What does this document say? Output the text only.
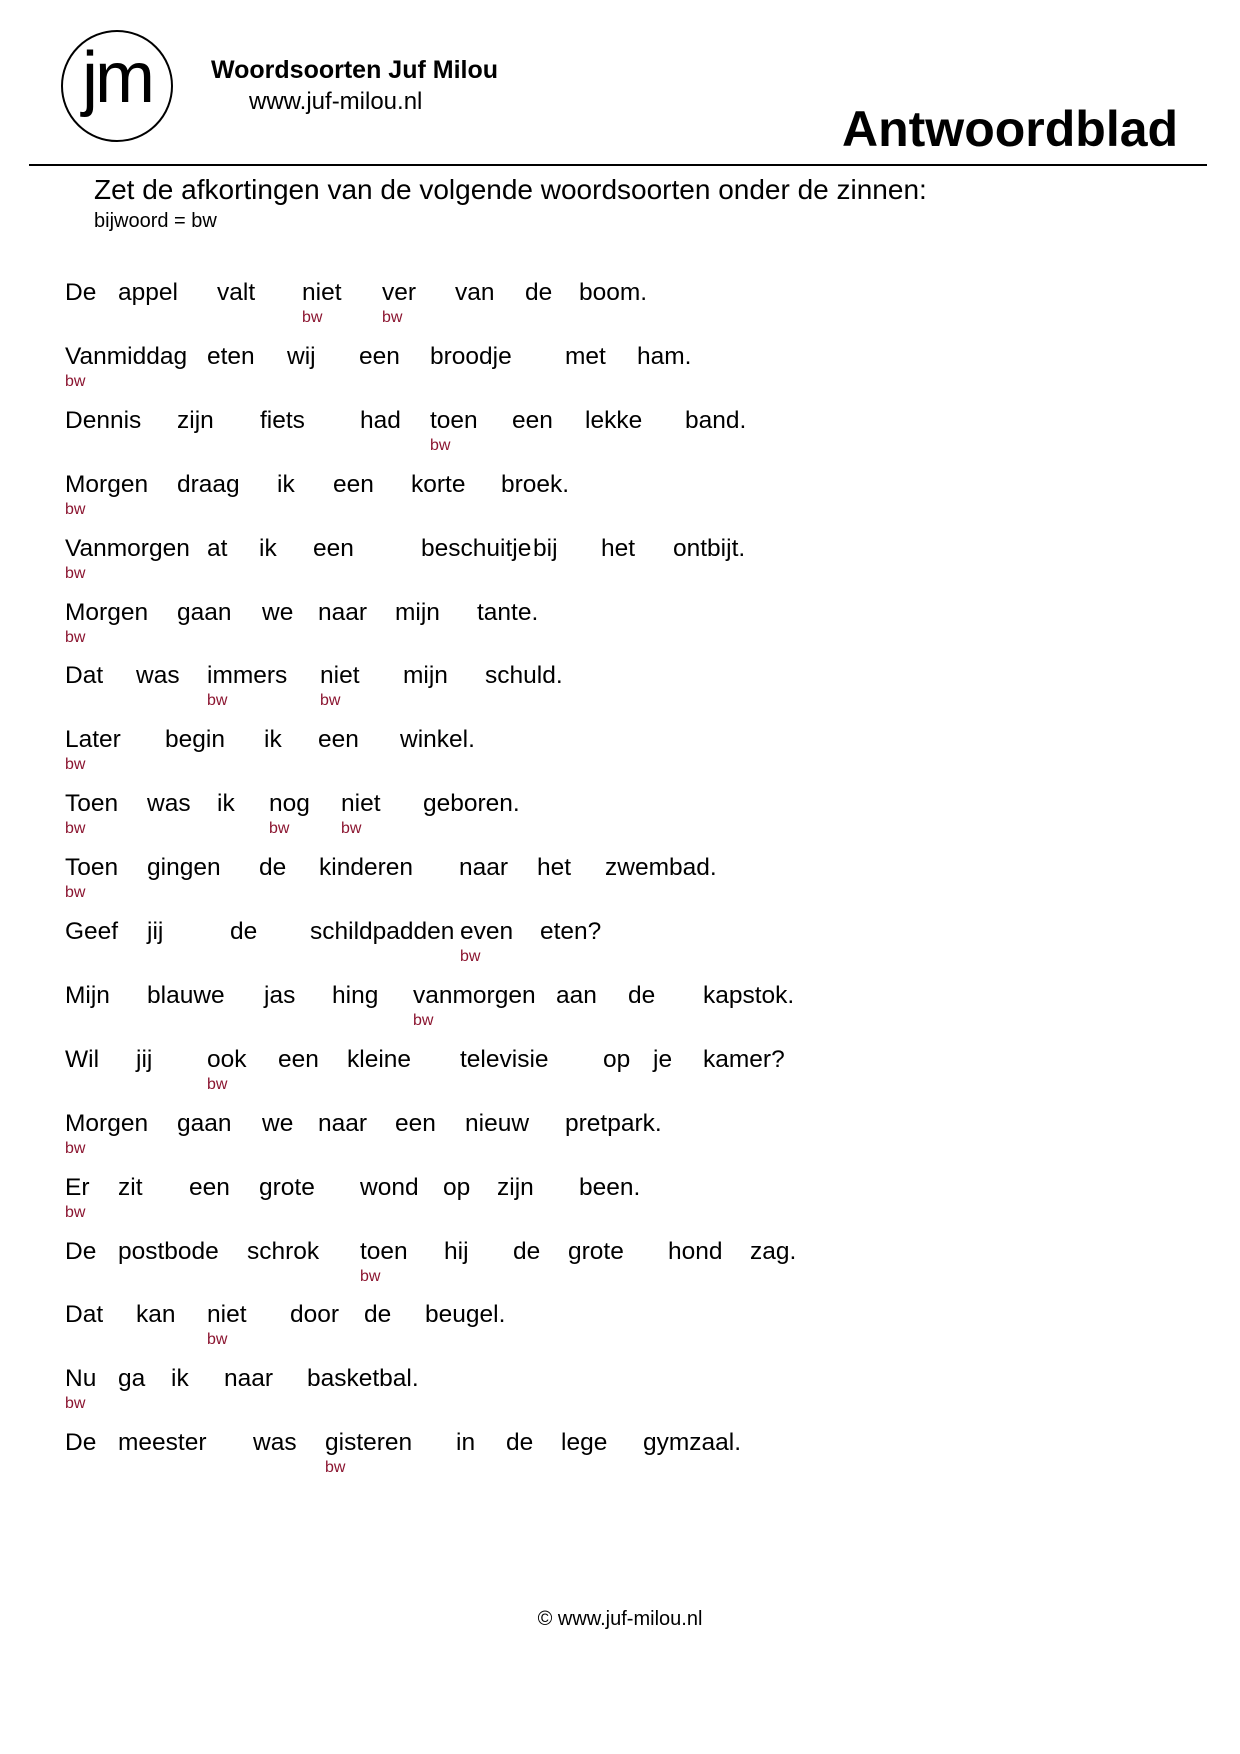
jm	Woordsoorten Juf Milou
www.juf-milou.nl	Antwoordblad
Zet de afkortingen van de volgende woordsoorten onder de zinnen:
bijwoord = bw
De appel valt niet
bw
ver
bw
van de boom.
Vanmiddag
bw
eten wij een broodje met ham.
Dennis zijn fiets had toen
bw
een lekke band.
Morgen
bw
draag ik een korte broek.
Vanmorgen
bw
at ik een	beschuitje bij het ontbijt.
Morgen
bw
gaan we naar mijn tante.
Dat was immers
bw
niet
bw
mijn schuld.
Later
bw
begin ik een winkel.
Toen
bw
was ik nog
bw
niet
bw
geboren.
Toen
bw
gingen de kinderen naar het zwembad.
Geef jij	de schildpadden even
bw
eten?
Mijn blauwe jas hing vanmorgen
bw
aan de kapstok.
Wil jij ook
bw
een kleine televisie op je kamer?
Morgen
bw
gaan we naar een nieuw pretpark.
Er
bw
zit een grote wond op zijn been.
De postbode schrok toen
bw
hij de grote hond zag.
Dat kan niet
bw
door de beugel.
Nu
bw
ga ik naar basketbal.
De meester was gisteren
bw
in de lege gymzaal.
© www.juf-milou.nl
